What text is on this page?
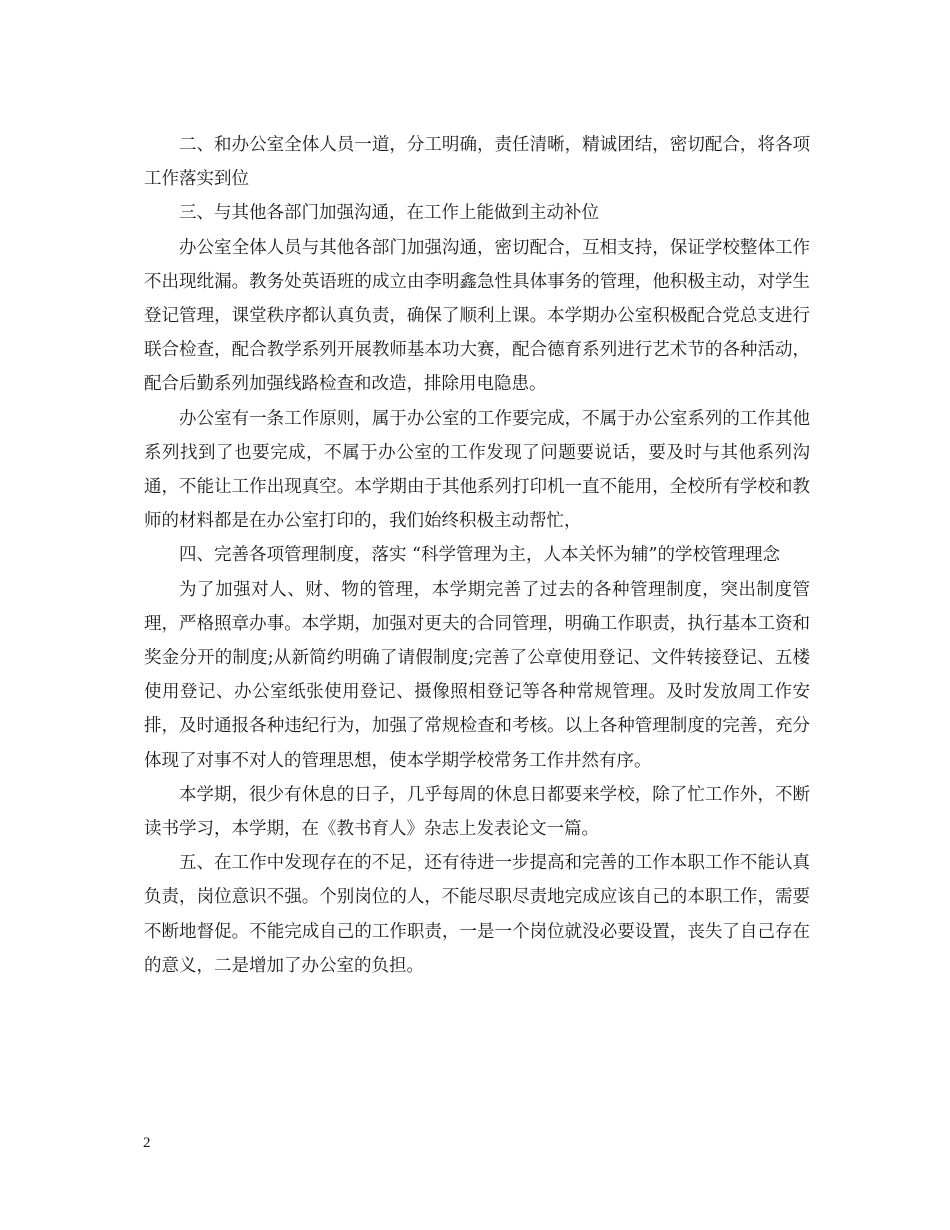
二、和办公室全体人员一道，分工明确，责任清晰，精诚团结，密切配合，将各项工作落实到位

三、与其他各部门加强沟通，在工作上能做到主动补位

办公室全体人员与其他各部门加强沟通，密切配合，互相支持，保证学校整体工作不出现纰漏。教务处英语班的成立由李明鑫急性具体事务的管理，他积极主动，对学生登记管理，课堂秩序都认真负责，确保了顺利上课。本学期办公室积极配合党总支进行联合检查，配合教学系列开展教师基本功大赛，配合德育系列进行艺术节的各种活动，配合后勤系列加强线路检查和改造，排除用电隐患。

办公室有一条工作原则，属于办公室的工作要完成，不属于办公室系列的工作其他系列找到了也要完成，不属于办公室的工作发现了问题要说话，要及时与其他系列沟通，不能让工作出现真空。本学期由于其他系列打印机一直不能用，全校所有学校和教师的材料都是在办公室打印的，我们始终积极主动帮忙，

四、完善各项管理制度，落实 “科学管理为主，人本关怀为辅”的学校管理理念

为了加强对人、财、物的管理，本学期完善了过去的各种管理制度，突出制度管理，严格照章办事。本学期，加强对更夫的合同管理，明确工作职责，执行基本工资和奖金分开的制度;从新简约明确了请假制度;完善了公章使用登记、文件转接登记、五楼使用登记、办公室纸张使用登记、摄像照相登记等各种常规管理。及时发放周工作安排，及时通报各种违纪行为，加强了常规检查和考核。以上各种管理制度的完善，充分体现了对事不对人的管理思想，使本学期学校常务工作井然有序。

本学期，很少有休息的日子，几乎每周的休息日都要来学校，除了忙工作外，不断读书学习，本学期，在《教书育人》杂志上发表论文一篇。

五、在工作中发现存在的不足，还有待进一步提高和完善的工作本职工作不能认真负责，岗位意识不强。个别岗位的人，不能尽职尽责地完成应该自己的本职工作，需要不断地督促。不能完成自己的工作职责，一是一个岗位就没必要设置，丧失了自己存在的意义，二是增加了办公室的负担。

2
